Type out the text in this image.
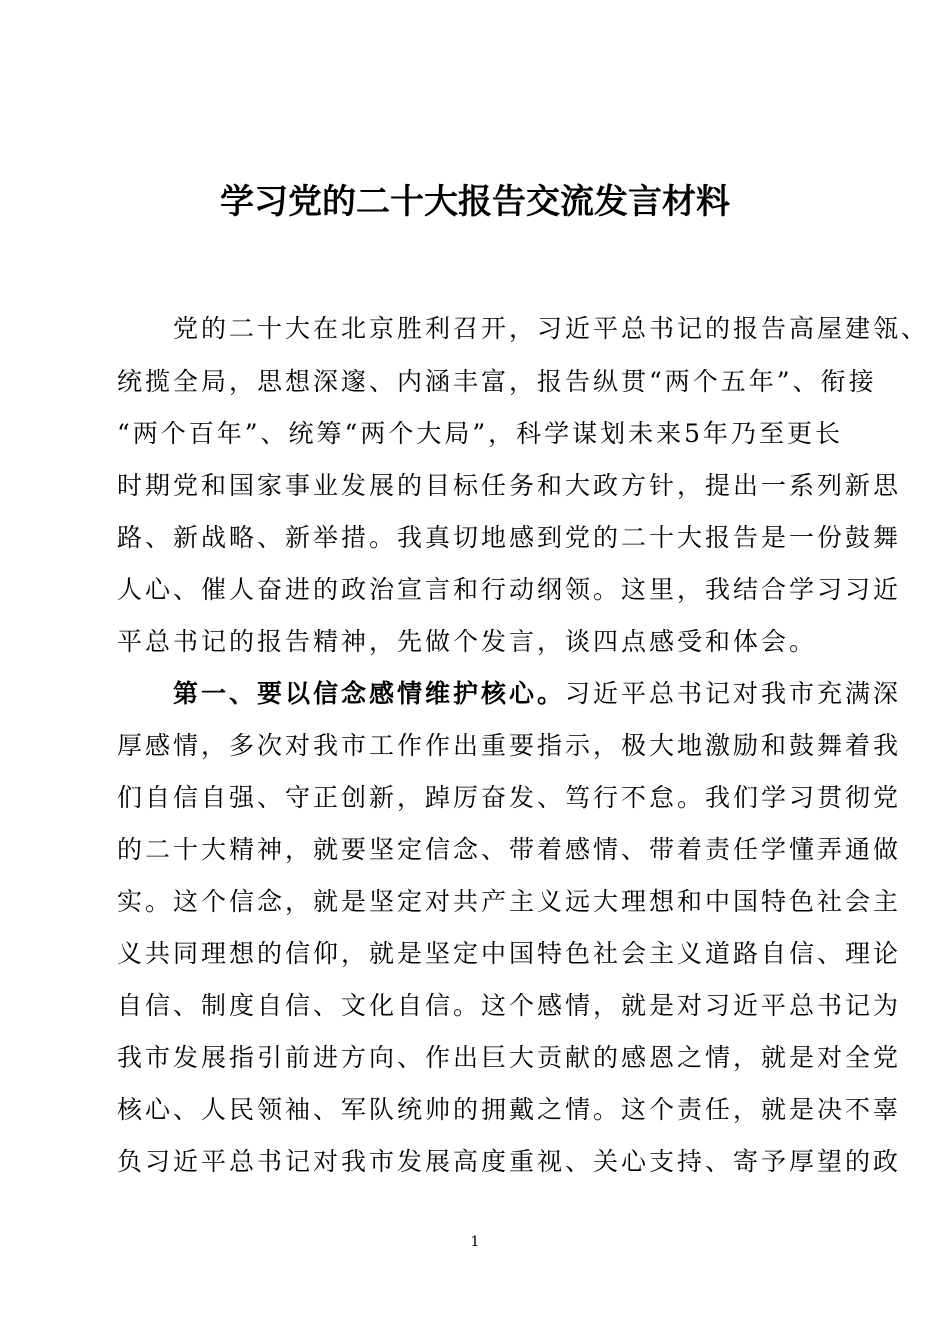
学习党的二十大报告交流发言材料
　　党的二十大在北京胜利召开，习近平总书记的报告高屋建瓴、
统揽全局，思想深邃、内涵丰富，报告纵贯“两个五年”、衔接
“两个百年”、统筹“两个大局”，科学谋划未来5年乃至更长
时期党和国家事业发展的目标任务和大政方针，提出一系列新思
路、新战略、新举措。我真切地感到党的二十大报告是一份鼓舞
人心、催人奋进的政治宣言和行动纲领。这里，我结合学习习近
平总书记的报告精神，先做个发言，谈四点感受和体会。
　　第一、要以信念感情维护核心。习近平总书记对我市充满深
厚感情，多次对我市工作作出重要指示，极大地激励和鼓舞着我
们自信自强、守正创新，踔厉奋发、笃行不怠。我们学习贯彻党
的二十大精神，就要坚定信念、带着感情、带着责任学懂弄通做
实。这个信念，就是坚定对共产主义远大理想和中国特色社会主
义共同理想的信仰，就是坚定中国特色社会主义道路自信、理论
自信、制度自信、文化自信。这个感情，就是对习近平总书记为
我市发展指引前进方向、作出巨大贡献的感恩之情，就是对全党
核心、人民领袖、军队统帅的拥戴之情。这个责任，就是决不辜
负习近平总书记对我市发展高度重视、关心支持、寄予厚望的政
1
